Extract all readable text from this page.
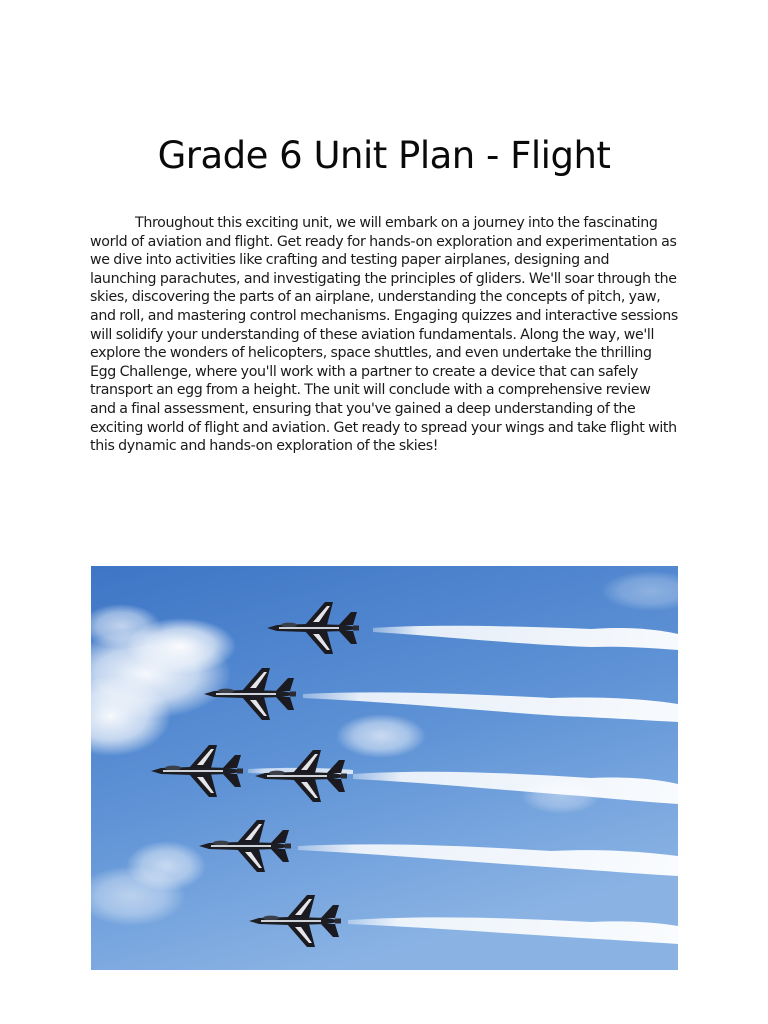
Grade 6 Unit Plan - Flight

Throughout this exciting unit, we will embark on a journey into the fascinating world of aviation and flight. Get ready for hands-on exploration and experimentation as we dive into activities like crafting and testing paper airplanes, designing and launching parachutes, and investigating the principles of gliders. We'll soar through the skies, discovering the parts of an airplane, understanding the concepts of pitch, yaw, and roll, and mastering control mechanisms. Engaging quizzes and interactive sessions will solidify your understanding of these aviation fundamentals. Along the way, we'll explore the wonders of helicopters, space shuttles, and even undertake the thrilling Egg Challenge, where you'll work with a partner to create a device that can safely transport an egg from a height. The unit will conclude with a comprehensive review and a final assessment, ensuring that you've gained a deep understanding of the exciting world of flight and aviation. Get ready to spread your wings and take flight with this dynamic and hands-on exploration of the skies!
